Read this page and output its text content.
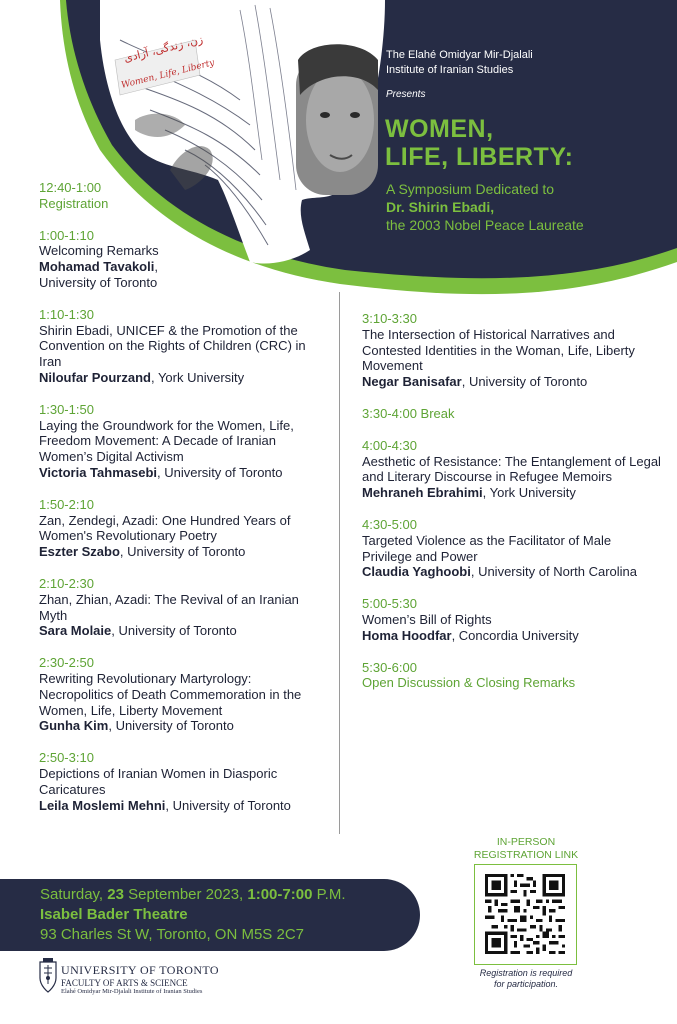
زن، زندگی، آزادی
Women, Life, Liberty
The Elahé Omidyar Mir-Djalali
Institute of Iranian Studies
Presents
WOMEN,
LIFE, LIBERTY:
A Symposium Dedicated to
Dr. Shirin Ebadi,
the 2003 Nobel Peace Laureate
12:40-1:00
Registration
1:00-1:10
Welcoming Remarks
Mohamad Tavakoli,
University of Toronto
1:10-1:30
Shirin Ebadi, UNICEF & the Promotion of the Convention on the Rights of Children (CRC) in Iran
Niloufar Pourzand, York University
1:30-1:50
Laying the Groundwork for the Women, Life, Freedom Movement: A Decade of Iranian Women’s Digital Activism
Victoria Tahmasebi, University of Toronto
1:50-2:10
Zan, Zendegi, Azadi: One Hundred Years of Women's Revolutionary Poetry
Eszter Szabo, University of Toronto
2:10-2:30
Zhan, Zhian, Azadi: The Revival of an Iranian Myth
Sara Molaie, University of Toronto
2:30-2:50
Rewriting Revolutionary Martyrology: Necropolitics of Death Commemoration in the Women, Life, Liberty Movement
Gunha Kim, University of Toronto
2:50-3:10
Depictions of Iranian Women in Diasporic Caricatures
Leila Moslemi Mehni, University of Toronto
3:10-3:30
The Intersection of Historical Narratives and Contested Identities in the Woman, Life, Liberty Movement
Negar Banisafar, University of Toronto
3:30-4:00 Break
4:00-4:30
Aesthetic of Resistance: The Entanglement of Legal and Literary Discourse in Refugee Memoirs
Mehraneh Ebrahimi, York University
4:30-5:00
Targeted Violence as the Facilitator of Male Privilege and Power
Claudia Yaghoobi, University of North Carolina
5:00-5:30
Women’s Bill of Rights
Homa Hoodfar, Concordia University
5:30-6:00
Open Discussion & Closing Remarks
Saturday, 23 September 2023, 1:00-7:00 P.M.
Isabel Bader Theatre
93 Charles St W, Toronto, ON M5S 2C7
UNIVERSITY OF TORONTO
FACULTY OF ARTS & SCIENCE
Elahé Omidyar Mir-Djalali Institute of Iranian Studies
IN-PERSON
REGISTRATION LINK
Registration is required
for participation.
